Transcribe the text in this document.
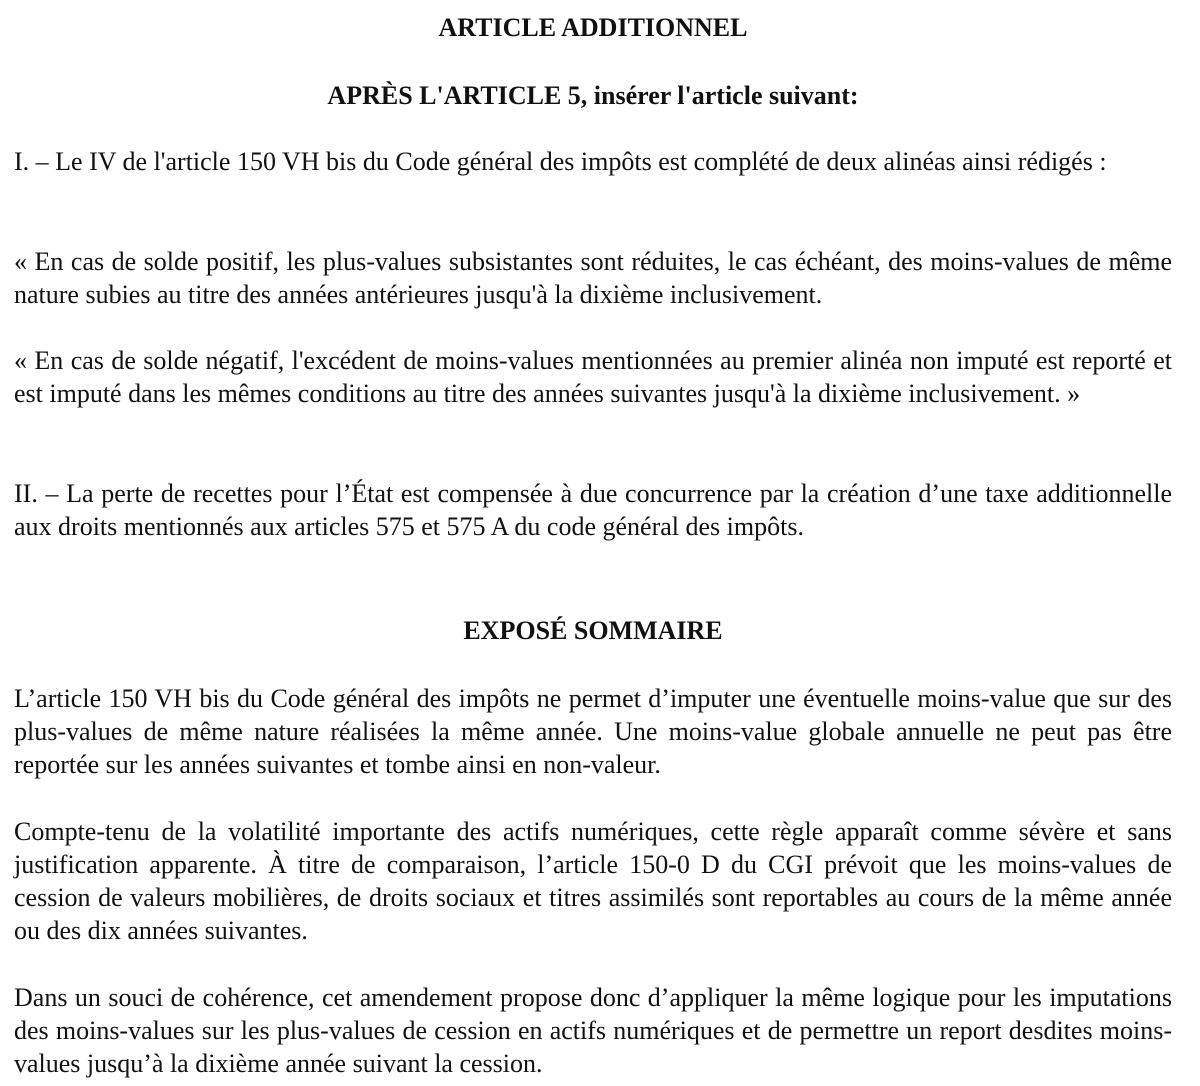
ARTICLE ADDITIONNEL
APRÈS L'ARTICLE 5, insérer l'article suivant:

I. – Le IV de l'article 150 VH bis du Code général des impôts est complété de deux alinéas ainsi rédigés :

« En cas de solde positif, les plus-values subsistantes sont réduites, le cas échéant, des moins-values de même nature subies au titre des années antérieures jusqu'à la dixième inclusivement.

« En cas de solde négatif, l'excédent de moins-values mentionnées au premier alinéa non imputé est reporté et est imputé dans les mêmes conditions au titre des années suivantes jusqu'à la dixième inclusivement. »

II. – La perte de recettes pour l’État est compensée à due concurrence par la création d’une taxe additionnelle aux droits mentionnés aux articles 575 et 575 A du code général des impôts.

EXPOSÉ SOMMAIRE

L’article 150 VH bis du Code général des impôts ne permet d’imputer une éventuelle moins-value que sur des plus-values de même nature réalisées la même année. Une moins-value globale annuelle ne peut pas être reportée sur les années suivantes et tombe ainsi en non-valeur.

Compte-tenu de la volatilité importante des actifs numériques, cette règle apparaît comme sévère et sans justification apparente. À titre de comparaison, l’article 150-0 D du CGI prévoit que les moins-values de cession de valeurs mobilières, de droits sociaux et titres assimilés sont reportables au cours de la même année ou des dix années suivantes.

Dans un souci de cohérence, cet amendement propose donc d’appliquer la même logique pour les imputations des moins-values sur les plus-values de cession en actifs numériques et de permettre un report desdites moins-values jusqu’à la dixième année suivant la cession.
